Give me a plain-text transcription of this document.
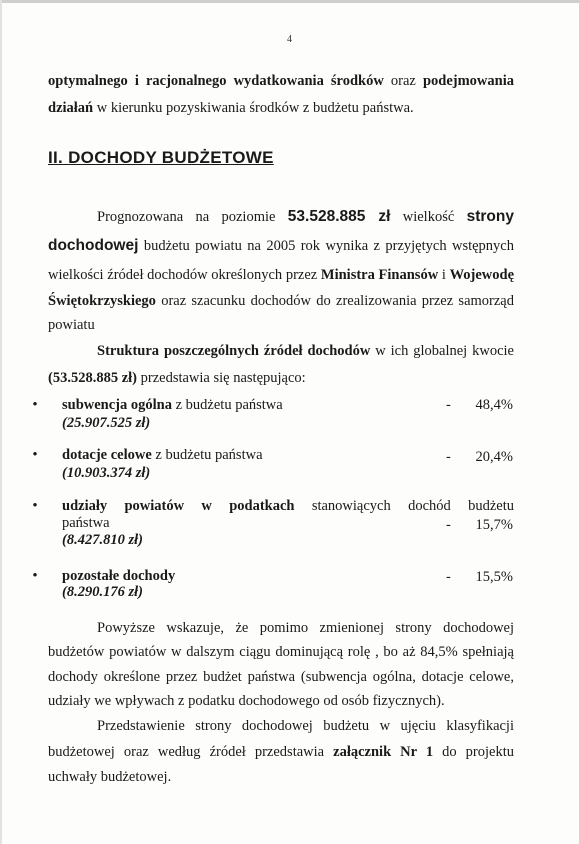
4
optymalnego i racjonalnego wydatkowania środków oraz podejmowania
działań w kierunku pozyskiwania środków z budżetu państwa.
II. DOCHODY BUDŻETOWE
Prognozowana na poziomie 53.528.885 zł wielkość strony
dochodowej budżetu powiatu na 2005 rok wynika z przyjętych wstępnych
wielkości źródeł dochodów określonych przez Ministra Finansów i Wojewodę
Świętokrzyskiego oraz szacunku dochodów do zrealizowania przez samorząd
powiatu
Struktura poszczególnych źródeł dochodów w ich globalnej kwocie
(53.528.885 zł) przedstawia się następująco:
• subwencja ogólna z budżetu państwa	- 48,4%
(25.907.525 zł)
• dotacje celowe z budżetu państwa	- 20,4%
(10.903.374 zł)
• udziały powiatów w podatkach stanowiących dochód budżetu
państwa	- 15,7%
(8.427.810 zł)
• pozostałe dochody	- 15,5%
(8.290.176 zł)
Powyższe wskazuje, że pomimo zmienionej strony dochodowej
budżetów powiatów w dalszym ciągu dominującą rolę , bo aż 84,5% spełniają
dochody określone przez budżet państwa (subwencja ogólna, dotacje celowe,
udziały we wpływach z podatku dochodowego od osób fizycznych).
Przedstawienie strony dochodowej budżetu w ujęciu klasyfikacji
budżetowej oraz według źródeł przedstawia załącznik Nr 1 do projektu
uchwały budżetowej.
